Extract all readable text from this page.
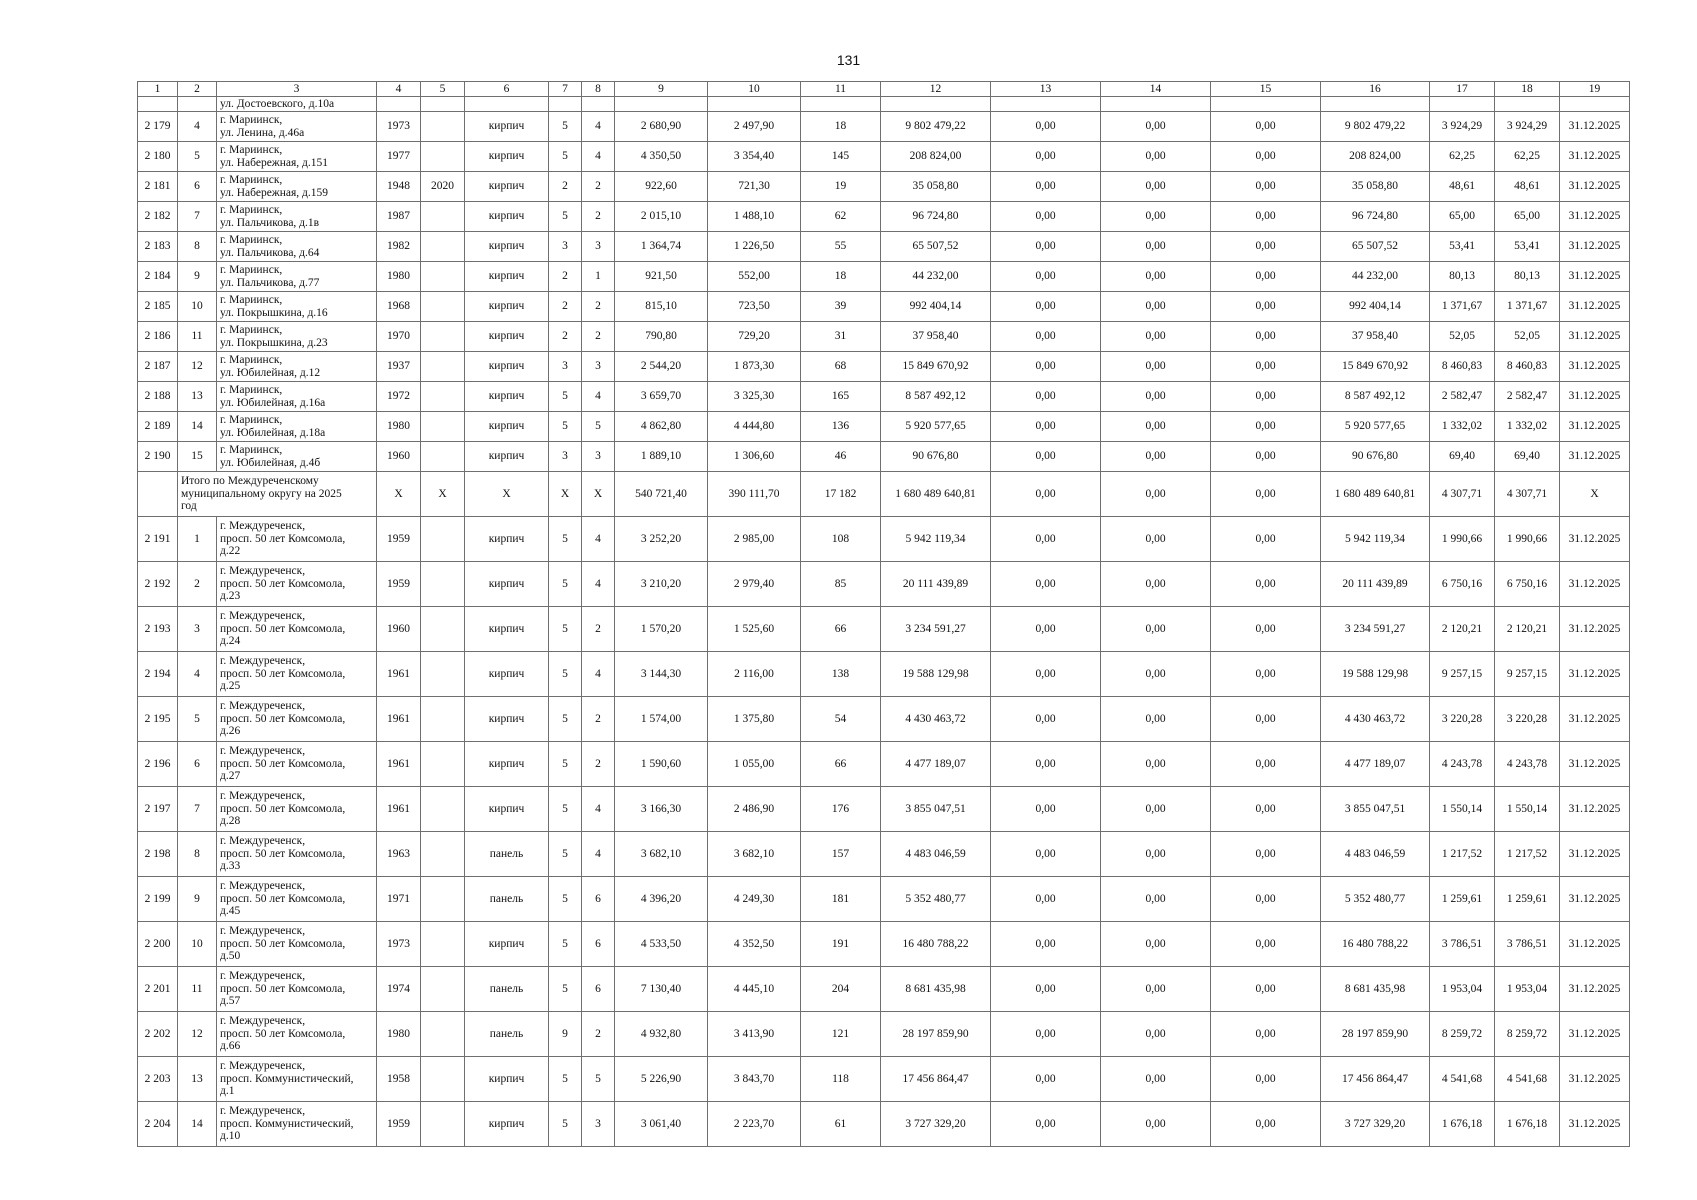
131
1	2	3	4	5	6	7	8	9	10	11	12	13	14	15	16	17	18	19
		ул. Достоевского, д.10а																
2 179	4	г. Мариинск,
ул. Ленина, д.46а	1973		кирпич	5	4	2 680,90	2 497,90	18	9 802 479,22	0,00	0,00	0,00	9 802 479,22	3 924,29	3 924,29	31.12.2025
2 180	5	г. Мариинск,
ул. Набережная, д.151	1977		кирпич	5	4	4 350,50	3 354,40	145	208 824,00	0,00	0,00	0,00	208 824,00	62,25	62,25	31.12.2025
2 181	6	г. Мариинск,
ул. Набережная, д.159	1948	2020	кирпич	2	2	922,60	721,30	19	35 058,80	0,00	0,00	0,00	35 058,80	48,61	48,61	31.12.2025
2 182	7	г. Мариинск,
ул. Пальчикова, д.1в	1987		кирпич	5	2	2 015,10	1 488,10	62	96 724,80	0,00	0,00	0,00	96 724,80	65,00	65,00	31.12.2025
2 183	8	г. Мариинск,
ул. Пальчикова, д.64	1982		кирпич	3	3	1 364,74	1 226,50	55	65 507,52	0,00	0,00	0,00	65 507,52	53,41	53,41	31.12.2025
2 184	9	г. Мариинск,
ул. Пальчикова, д.77	1980		кирпич	2	1	921,50	552,00	18	44 232,00	0,00	0,00	0,00	44 232,00	80,13	80,13	31.12.2025
2 185	10	г. Мариинск,
ул. Покрышкина, д.16	1968		кирпич	2	2	815,10	723,50	39	992 404,14	0,00	0,00	0,00	992 404,14	1 371,67	1 371,67	31.12.2025
2 186	11	г. Мариинск,
ул. Покрышкина, д.23	1970		кирпич	2	2	790,80	729,20	31	37 958,40	0,00	0,00	0,00	37 958,40	52,05	52,05	31.12.2025
2 187	12	г. Мариинск,
ул. Юбилейная, д.12	1937		кирпич	3	3	2 544,20	1 873,30	68	15 849 670,92	0,00	0,00	0,00	15 849 670,92	8 460,83	8 460,83	31.12.2025
2 188	13	г. Мариинск,
ул. Юбилейная, д.16а	1972		кирпич	5	4	3 659,70	3 325,30	165	8 587 492,12	0,00	0,00	0,00	8 587 492,12	2 582,47	2 582,47	31.12.2025
2 189	14	г. Мариинск,
ул. Юбилейная, д.18а	1980		кирпич	5	5	4 862,80	4 444,80	136	5 920 577,65	0,00	0,00	0,00	5 920 577,65	1 332,02	1 332,02	31.12.2025
2 190	15	г. Мариинск,
ул. Юбилейная, д.4б	1960		кирпич	3	3	1 889,10	1 306,60	46	90 676,80	0,00	0,00	0,00	90 676,80	69,40	69,40	31.12.2025
	Итого по Междуреченскому
муниципальному округу на 2025
год		X	X	X	X	X	540 721,40	390 111,70	17 182	1 680 489 640,81	0,00	0,00	0,00	1 680 489 640,81	4 307,71	4 307,71	X
2 191	1	г. Междуреченск,
просп. 50 лет Комсомола,
д.22	1959		кирпич	5	4	3 252,20	2 985,00	108	5 942 119,34	0,00	0,00	0,00	5 942 119,34	1 990,66	1 990,66	31.12.2025
2 192	2	г. Междуреченск,
просп. 50 лет Комсомола,
д.23	1959		кирпич	5	4	3 210,20	2 979,40	85	20 111 439,89	0,00	0,00	0,00	20 111 439,89	6 750,16	6 750,16	31.12.2025
2 193	3	г. Междуреченск,
просп. 50 лет Комсомола,
д.24	1960		кирпич	5	2	1 570,20	1 525,60	66	3 234 591,27	0,00	0,00	0,00	3 234 591,27	2 120,21	2 120,21	31.12.2025
2 194	4	г. Междуреченск,
просп. 50 лет Комсомола,
д.25	1961		кирпич	5	4	3 144,30	2 116,00	138	19 588 129,98	0,00	0,00	0,00	19 588 129,98	9 257,15	9 257,15	31.12.2025
2 195	5	г. Междуреченск,
просп. 50 лет Комсомола,
д.26	1961		кирпич	5	2	1 574,00	1 375,80	54	4 430 463,72	0,00	0,00	0,00	4 430 463,72	3 220,28	3 220,28	31.12.2025
2 196	6	г. Междуреченск,
просп. 50 лет Комсомола,
д.27	1961		кирпич	5	2	1 590,60	1 055,00	66	4 477 189,07	0,00	0,00	0,00	4 477 189,07	4 243,78	4 243,78	31.12.2025
2 197	7	г. Междуреченск,
просп. 50 лет Комсомола,
д.28	1961		кирпич	5	4	3 166,30	2 486,90	176	3 855 047,51	0,00	0,00	0,00	3 855 047,51	1 550,14	1 550,14	31.12.2025
2 198	8	г. Междуреченск,
просп. 50 лет Комсомола,
д.33	1963		панель	5	4	3 682,10	3 682,10	157	4 483 046,59	0,00	0,00	0,00	4 483 046,59	1 217,52	1 217,52	31.12.2025
2 199	9	г. Междуреченск,
просп. 50 лет Комсомола,
д.45	1971		панель	5	6	4 396,20	4 249,30	181	5 352 480,77	0,00	0,00	0,00	5 352 480,77	1 259,61	1 259,61	31.12.2025
2 200	10	г. Междуреченск,
просп. 50 лет Комсомола,
д.50	1973		кирпич	5	6	4 533,50	4 352,50	191	16 480 788,22	0,00	0,00	0,00	16 480 788,22	3 786,51	3 786,51	31.12.2025
2 201	11	г. Междуреченск,
просп. 50 лет Комсомола,
д.57	1974		панель	5	6	7 130,40	4 445,10	204	8 681 435,98	0,00	0,00	0,00	8 681 435,98	1 953,04	1 953,04	31.12.2025
2 202	12	г. Междуреченск,
просп. 50 лет Комсомола,
д.66	1980		панель	9	2	4 932,80	3 413,90	121	28 197 859,90	0,00	0,00	0,00	28 197 859,90	8 259,72	8 259,72	31.12.2025
2 203	13	г. Междуреченск,
просп. Коммунистический,
д.1	1958		кирпич	5	5	5 226,90	3 843,70	118	17 456 864,47	0,00	0,00	0,00	17 456 864,47	4 541,68	4 541,68	31.12.2025
2 204	14	г. Междуреченск,
просп. Коммунистический,
д.10	1959		кирпич	5	3	3 061,40	2 223,70	61	3 727 329,20	0,00	0,00	0,00	3 727 329,20	1 676,18	1 676,18	31.12.2025
